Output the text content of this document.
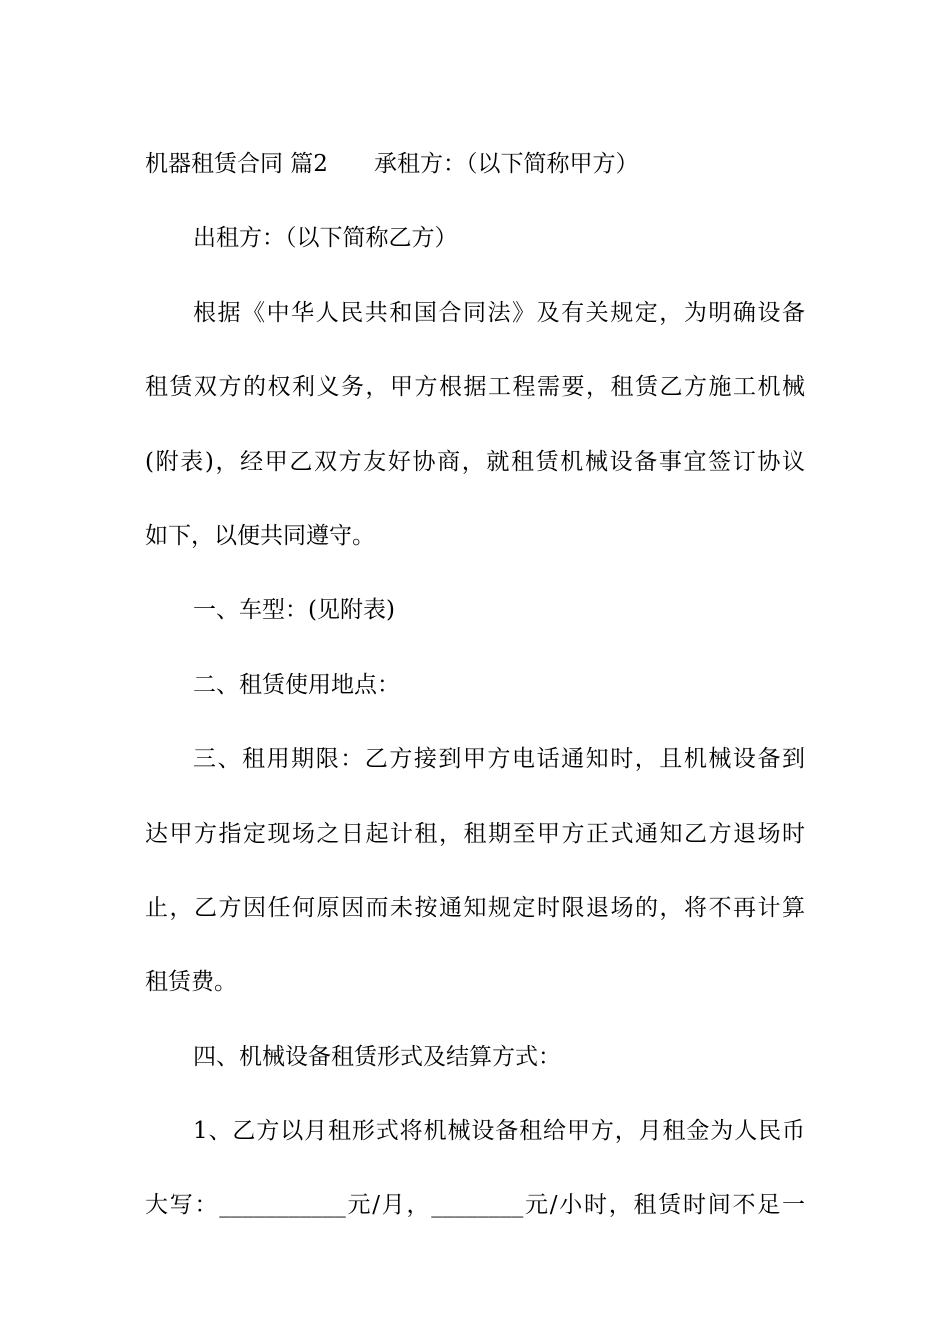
机器租赁合同 篇2 承租方：（以下简称甲方）
出租方：（以下简称乙方）
根据《中华人民共和国合同法》及有关规定，为明确设备
租赁双方的权利义务，甲方根据工程需要，租赁乙方施工机械
(附表)，经甲乙双方友好协商，就租赁机械设备事宜签订协议
如下，以便共同遵守。
一、车型：(见附表)
二、租赁使用地点：
三、租用期限：乙方接到甲方电话通知时，且机械设备到
达甲方指定现场之日起计租，租期至甲方正式通知乙方退场时
止，乙方因任何原因而未按通知规定时限退场的，将不再计算
租赁费。
四、机械设备租赁形式及结算方式：
1、乙方以月租形式将机械设备租给甲方，月租金为人民币
大写：___________元/月，________元/小时，租赁时间不足一
